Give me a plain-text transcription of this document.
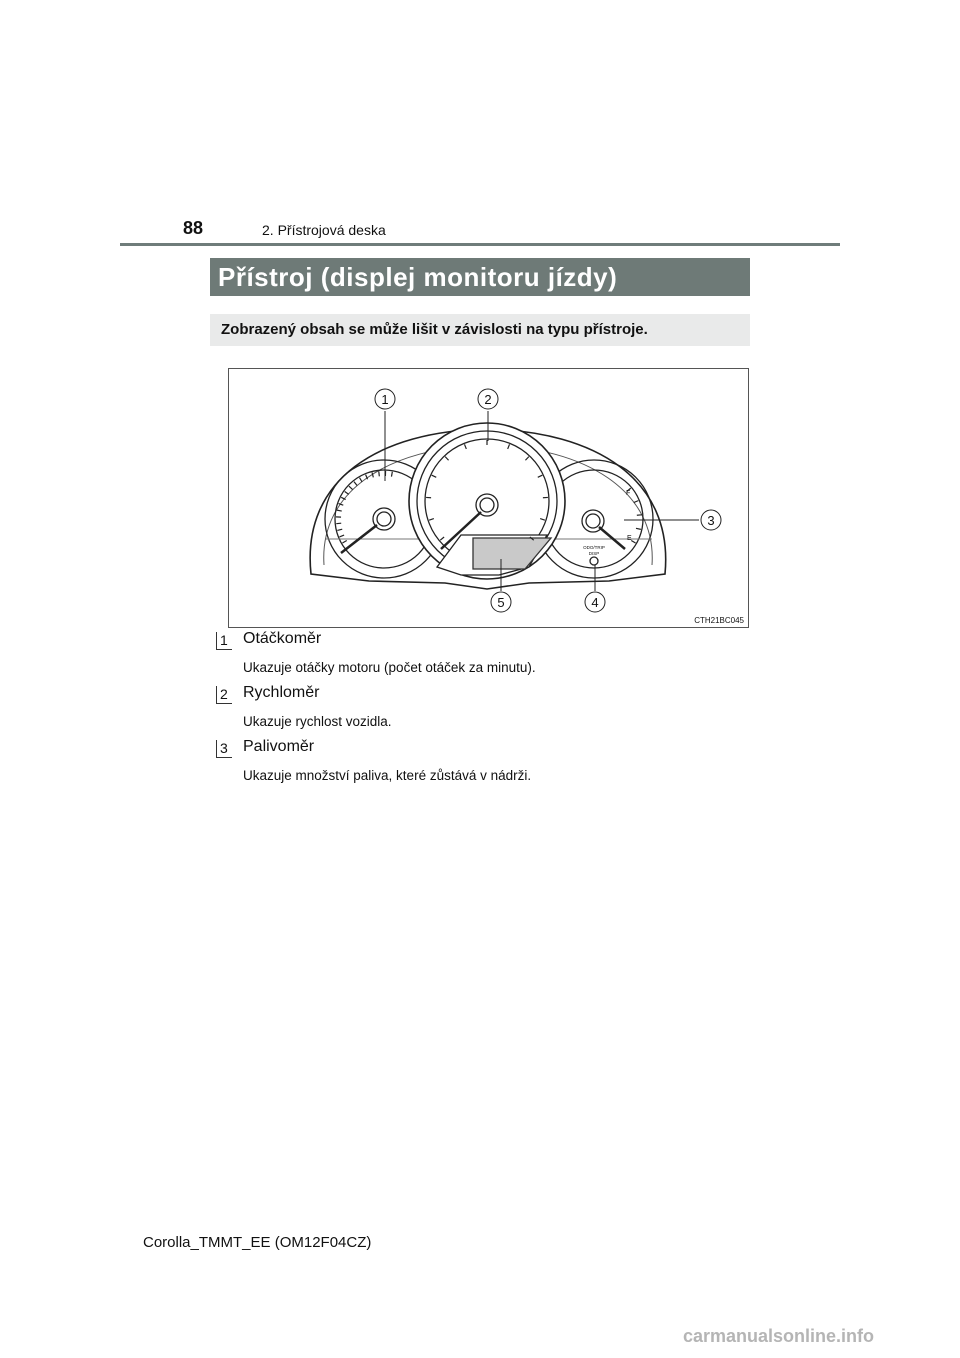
88	2. Přístrojová deska
Přístroj (displej monitoru jízdy)
Zobrazený obsah se může lišit v závislosti na typu přístroje.
1	2
3
4
5
F
E
ODO/TRIP
DISP
CTH21BC045
1 Otáčkoměr
Ukazuje otáčky motoru (počet otáček za minutu).
2 Rychloměr
Ukazuje rychlost vozidla.
3 Palivoměr
Ukazuje množství paliva, které zůstává v nádrži.
Corolla_TMMT_EE (OM12F04CZ)
carmanualsonline.info
